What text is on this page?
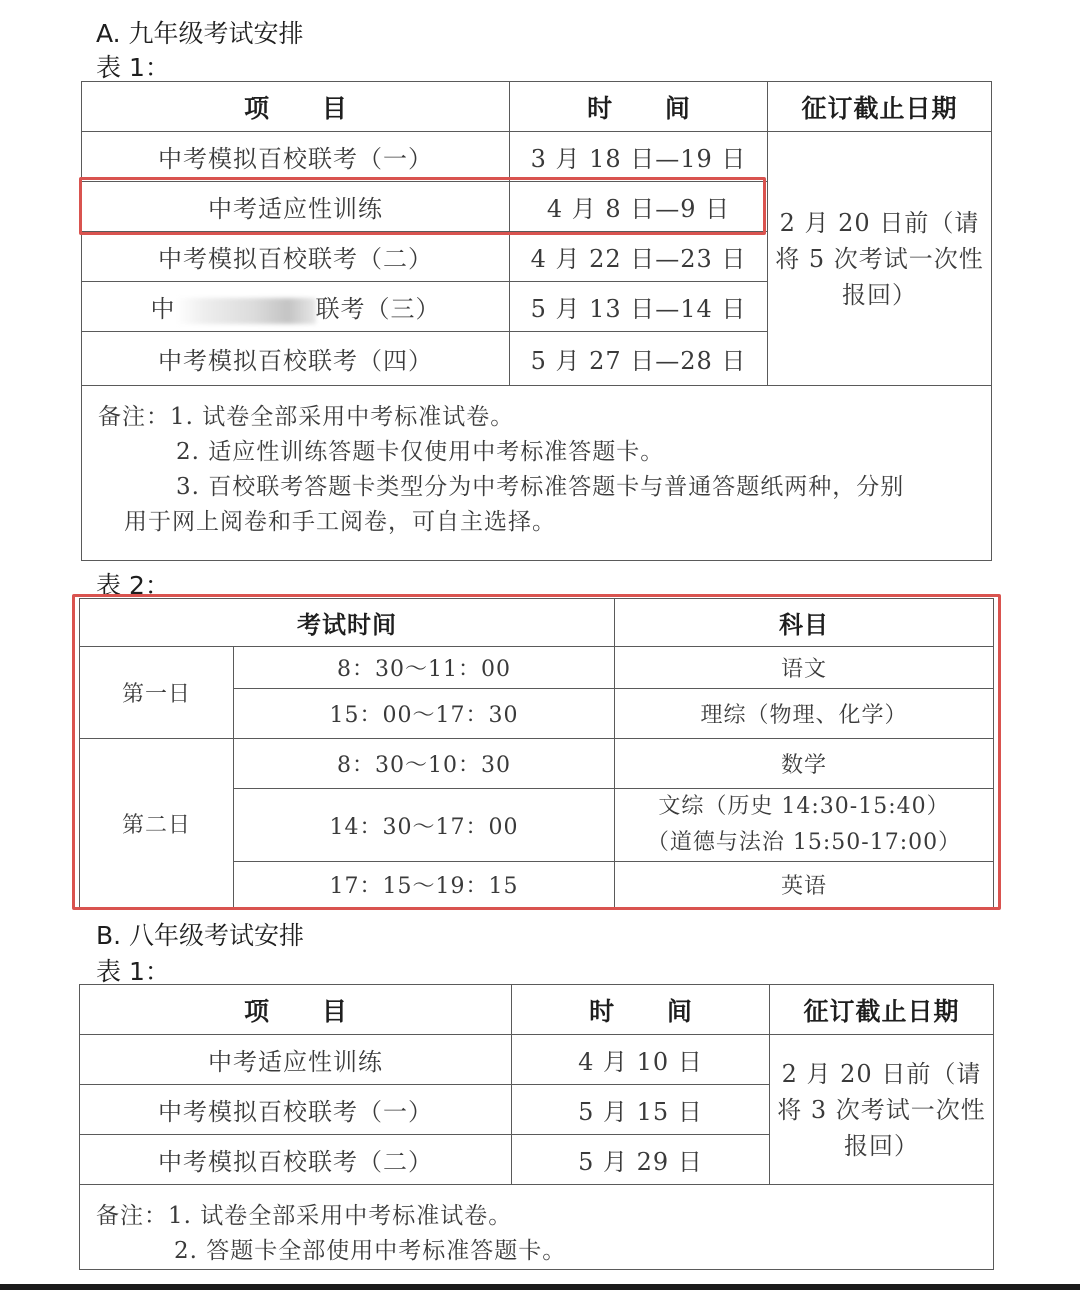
A. 九年级考试安排
表 1：
项 目	时 间	征订截止日期
中考模拟百校联考（一）	3 月 18 日—19 日	2 月 20 日前（请将 5 次考试一次性报回）

中考适应性训练	4 月 8 日—9 日	
中考模拟百校联考（二）	4 月 22 日—23 日	
中 联考（三）	5 月 13 日—14 日	
中考模拟百校联考（四）	5 月 27 日—28 日	

备注：1. 试卷全部采用中考标准试卷。
2. 适应性训练答题卡仅使用中考标准答题卡。
3. 百校联考答题卡类型分为中考标准答题卡与普通答题纸两种，分别
用于网上阅卷和手工阅卷，可自主选择。		
表 2：
考试时间		科目
第一日	8：30～11：00	语文
	15：00～17：30	理综（物理、化学）
第二日	8：30～10：30	数学
	14：30～17：00	文综（历史 14:30-15:40）
（道德与法治 15:50-17:00）

	17：15～19：15	英语
B. 八年级考试安排
表 1：
项 目	时 间	征订截止日期
中考适应性训练	4 月 10 日	2 月 20 日前（请将 3 次考试一次性报回）

中考模拟百校联考（一）	5 月 15 日	
中考模拟百校联考（二）	5 月 29 日	

备注：1. 试卷全部采用中考标准试卷。
2. 答题卡全部使用中考标准答题卡。		
